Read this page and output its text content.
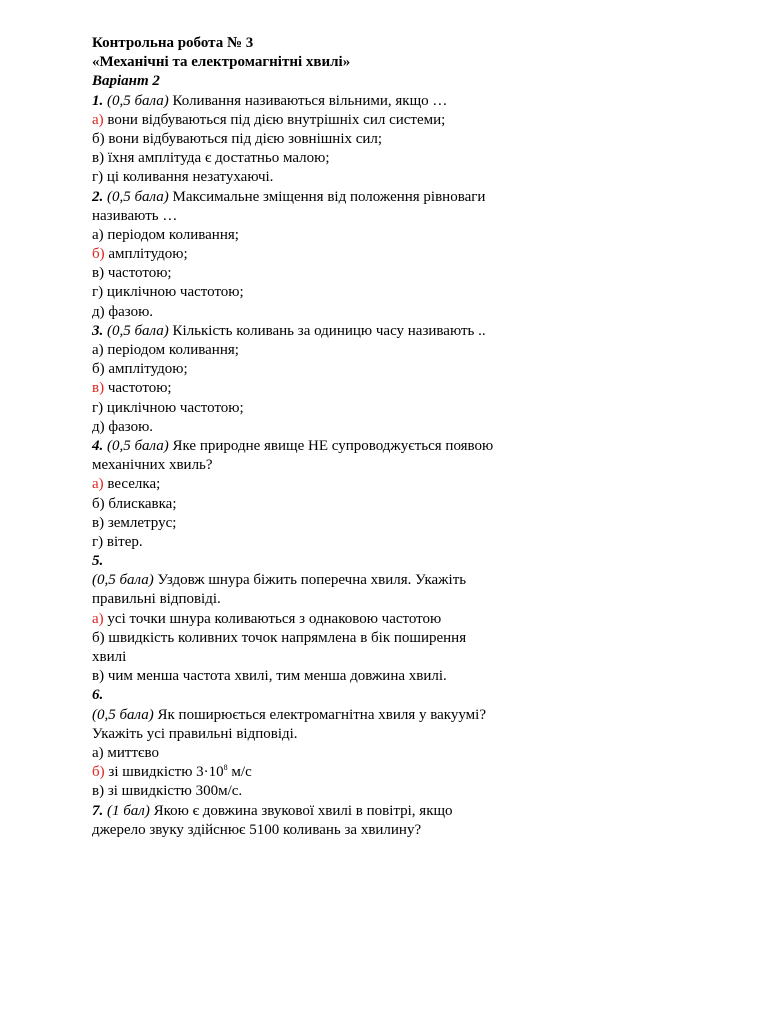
Контрольна робота № 3
«Механічні та електромагнітні хвилі»
Варіант 2
1. (0,5 бала) Коливання називаються вільними, якщо …
а) вони відбуваються під дією внутрішніх сил системи;
б) вони відбуваються під дією зовнішніх сил;
в) їхня амплітуда є достатньо малою;
г) ці коливання незатухаючі.
2. (0,5 бала) Максимальне зміщення від положення рівноваги
називають …
а) періодом коливання;
б) амплітудою;
в) частотою;
г) циклічною частотою;
д) фазою.
3. (0,5 бала) Кількість коливань за одиницю часу називають ..
а) періодом коливання;
б) амплітудою;
в) частотою;
г) циклічною частотою;
д) фазою.
4. (0,5 бала) Яке природне явище НЕ супроводжується появою
механічних хвиль?
а) веселка;
б) блискавка;
в) землетрус;
г) вітер.
5.
(0,5 бала) Уздовж шнура біжить поперечна хвиля. Укажіть
правильні відповіді.
а) усі точки шнура коливаються з однаковою частотою
б) швидкість коливних точок напрямлена в бік поширення
хвилі
в) чим менша частота хвилі, тим менша довжина хвилі.
6.
(0,5 бала) Як поширюється електромагнітна хвиля у вакуумі?
Укажіть усі правильні відповіді.
а) миттєво
б) зі швидкістю $3\cdot 10^8$ м/с
в) зі швидкістю 300м/с.
7. (1 бал) Якою є довжина звукової хвилі в повітрі, якщо
джерело звуку здійснює 5100 коливань за хвилину?
